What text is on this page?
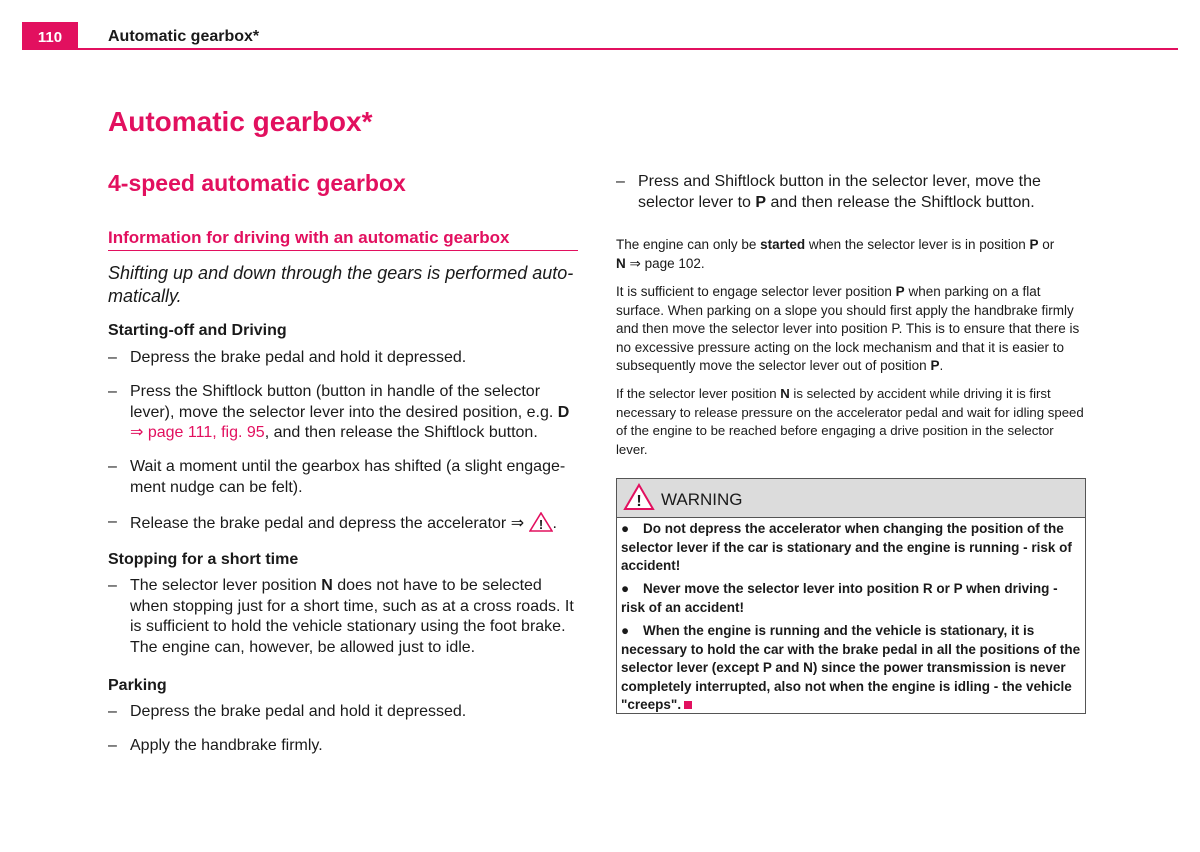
110	Automatic gearbox*
Automatic gearbox*
4-speed automatic gearbox
Information for driving with an automatic gearbox

Shifting up and down through the gears is performed auto-matically.

Starting-off and Driving
– Depress the brake pedal and hold it depressed.
– Press the Shiftlock button (button in handle of the selector lever), move the selector lever into the desired position, e.g. D
⇒ page 111, fig. 95, and then release the Shiftlock button.
– Wait a moment until the gearbox has shifted (a slight engage-ment nudge can be felt).
– Release the brake pedal and depress the accelerator ⇒ ! .
Stopping for a short time
– The selector lever position N does not have to be selected when stopping just for a short time, such as at a cross roads. It is sufficient to hold the vehicle stationary using the foot brake. The engine can, however, be allowed just to idle.
Parking
– Depress the brake pedal and hold it depressed.
– Apply the handbrake firmly.
– Press and Shiftlock button in the selector lever, move the selector lever to P and then release the Shiftlock button.

The engine can only be started when the selector lever is in position P or
N ⇒ page 102.

It is sufficient to engage selector lever position P when parking on a flat surface. When parking on a slope you should first apply the handbrake firmly and then move the selector lever into position P. This is to ensure that there is no excessive pressure acting on the lock mechanism and that it is easier to subsequently move the selector lever out of position P.

If the selector lever position N is selected by accident while driving it is first necessary to release pressure on the accelerator pedal and wait for idling speed of the engine to be reached before engaging a drive position in the selector lever.

! WARNING
● Do not depress the accelerator when changing the position of the selector lever if the car is stationary and the engine is running - risk of accident!
● Never move the selector lever into position R or P when driving - risk of an accident!
● When the engine is running and the vehicle is stationary, it is necessary to hold the car with the brake pedal in all the positions of the selector lever (except P and N) since the power transmission is never completely interrupted, also not when the engine is idling - the vehicle "creeps".
